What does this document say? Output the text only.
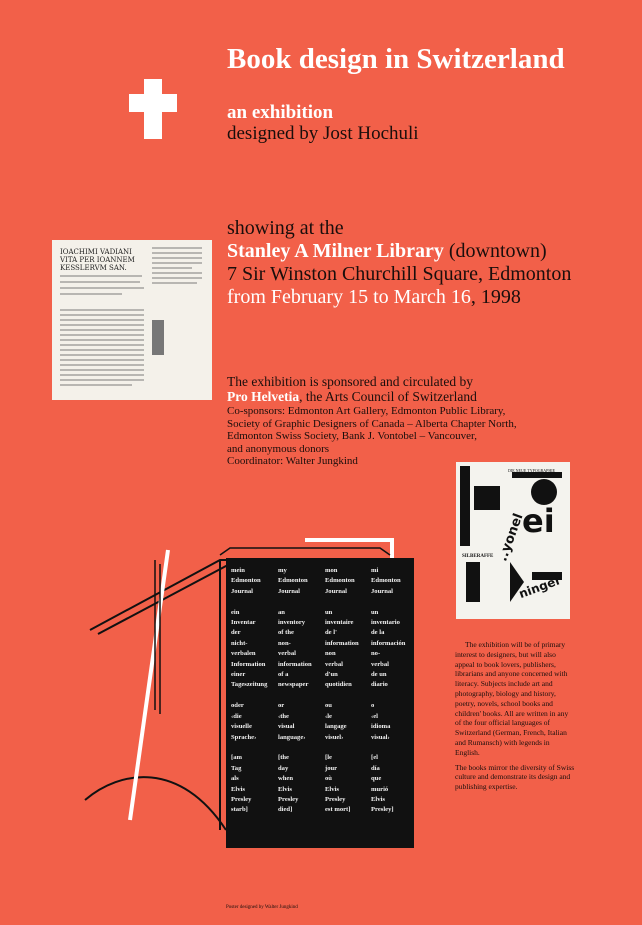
Book design in Switzerland
an exhibition
designed by Jost Hochuli
showing at the
Stanley A Milner Library (downtown)
7 Sir Winston Churchill Square, Edmonton
from February 15 to March 16, 1998
The exhibition is sponsored and circulated by
Pro Helvetia, the Arts Council of Switzerland
Co-sponsors: Edmonton Art Gallery, Edmonton Public Library,
Society of Graphic Designers of Canada – Alberta Chapter North,
Edmonton Swiss Society, Bank J. Vontobel – Vancouver,
and anonymous donors
Coordinator: Walter Jungkind
IOACHIMI VADIANI
VITA PER IOANNEM
KESSLERVM SAN.
DIE NEUE TYPOGRAPHIE
ei
SILBERAFFE ..yonel
ninger
mein
Edmonton
Journal

ein
Inventar
der
nicht-
verbalen
Information
einer
Tageszeitung

oder
‹die
visuelle
Sprache›

[am
Tag
als
Elvis
Presley
starb]
my
Edmonton
Journal

an
inventory
of the
non-
verbal
information
of a
newspaper

or
‹the
visual
language›

[the
day
when
Elvis
Presley
died]
mon
Edmonton
Journal

un
inventaire
de l'
information
non
verbal
d'un
quotidien

ou
‹le
langage
visuel›

[le
jour
où
Elvis
Presley
est mort]
mi
Edmonton
Journal

un
inventario
de la
información
no-
verbal
de un
diario

o
‹el
idioma
visual›

[el
día
que
murió
Elvis
Presley]

The exhibition will be of primary interest to designers, but will also appeal to book lovers, publishers, librarians and anyone concerned with literacy. Subjects include art and photography, biology and history, poetry, novels, school books and children' books. All are written in any of the four official languages of Switzerland (German, French, Italian and Rumansch) with legends in English.

The books mirror the diversity of Swiss culture and demonstrate its design and publishing expertise.

Poster designed by Walter Jungkind
